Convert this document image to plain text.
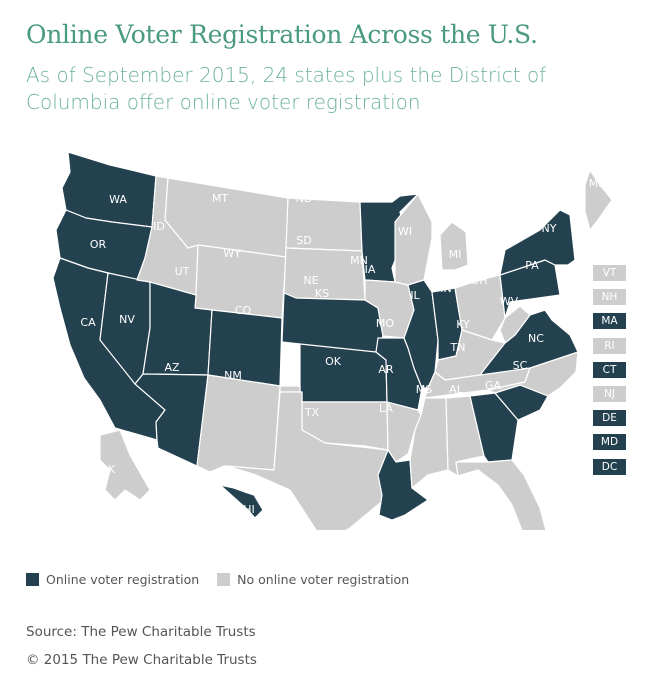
Online Voter Registration Across the U.S.

As of September 2015, 24 states plus the District of Columbia offer online voter registration

WA
OR
CA NV
ID
MT
WY
UT
AZ
CO
NM
ND
SD
NE
KS
OK
TX
MN
IA
MO
AR
LA
WI
IL
MI
IN
OH
KY
TN
MS AL GA
FL
SC
NC
VA
WV
PA
NY
ME
AK
HI
VT
NH
MA
RI
CT
NJ
DE
MD
DC
Online voter registration	No online voter registration
Source: The Pew Charitable Trusts
© 2015 The Pew Charitable Trusts
